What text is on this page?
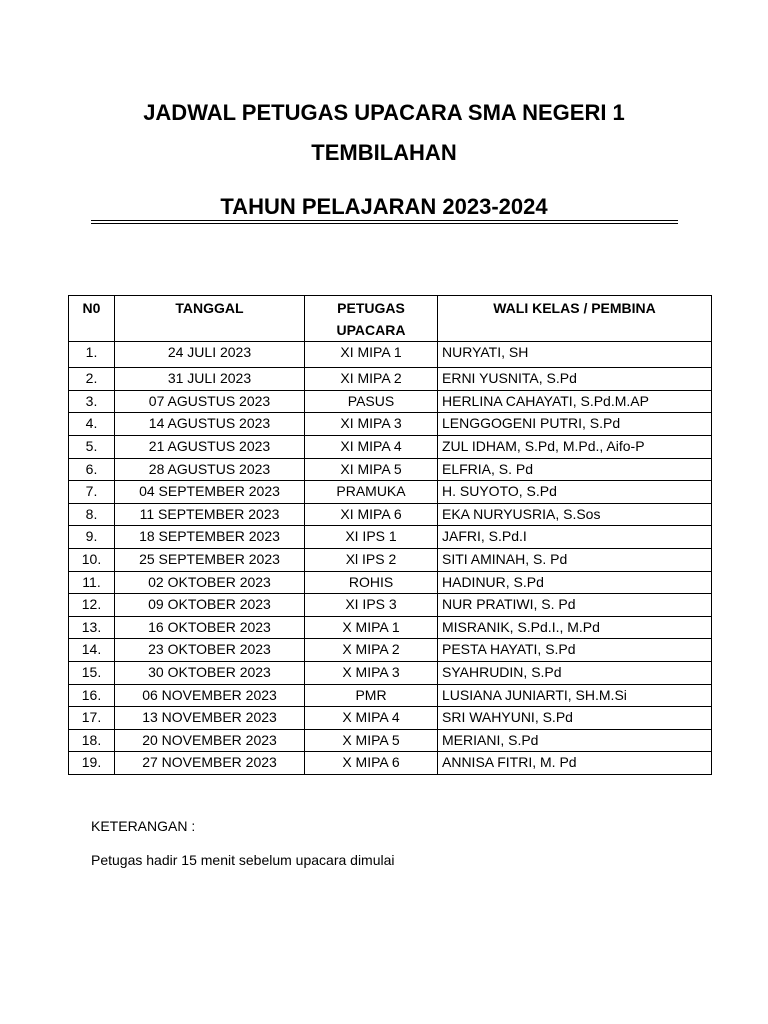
JADWAL PETUGAS UPACARA SMA NEGERI 1
TEMBILAHAN
TAHUN PELAJARAN 2023-2024
N0	TANGGAL	PETUGAS UPACARA	WALI KELAS / PEMBINA
1.	24 JULI 2023	XI MIPA 1	NURYATI, SH
2.	31 JULI 2023	XI MIPA 2	ERNI YUSNITA, S.Pd
3.	07 AGUSTUS 2023	PASUS	HERLINA CAHAYATI, S.Pd.M.AP
4.	14 AGUSTUS 2023	XI MIPA 3	LENGGOGENI PUTRI, S.Pd
5.	21 AGUSTUS 2023	XI MIPA 4	ZUL IDHAM, S.Pd, M.Pd., Aifo-P
6.	28 AGUSTUS 2023	XI MIPA 5	ELFRIA, S. Pd
7.	04 SEPTEMBER 2023	PRAMUKA	H. SUYOTO, S.Pd
8.	11 SEPTEMBER 2023	XI MIPA 6	EKA NURYUSRIA, S.Sos
9.	18 SEPTEMBER 2023	XI IPS 1	JAFRI, S.Pd.I
10.	25 SEPTEMBER 2023	Xl IPS 2	SITI AMINAH, S. Pd
11.	02 OKTOBER 2023	ROHIS	HADINUR, S.Pd
12.	09 OKTOBER 2023	XI IPS 3	NUR PRATIWI, S. Pd
13.	16 OKTOBER 2023	X MIPA 1	MISRANIK, S.Pd.I., M.Pd
14.	23 OKTOBER 2023	X MIPA 2	PESTA HAYATI, S.Pd
15.	30 OKTOBER 2023	X MIPA 3	SYAHRUDIN, S.Pd
16.	06 NOVEMBER 2023	PMR	LUSIANA JUNIARTI, SH.M.Si
17.	13 NOVEMBER 2023	X MIPA 4	SRI WAHYUNI, S.Pd
18.	20 NOVEMBER 2023	X MIPA 5	MERIANI, S.Pd
19.	27 NOVEMBER 2023	X MIPA 6	ANNISA FITRI, M. Pd
KETERANGAN :
Petugas hadir 15 menit sebelum upacara dimulai
